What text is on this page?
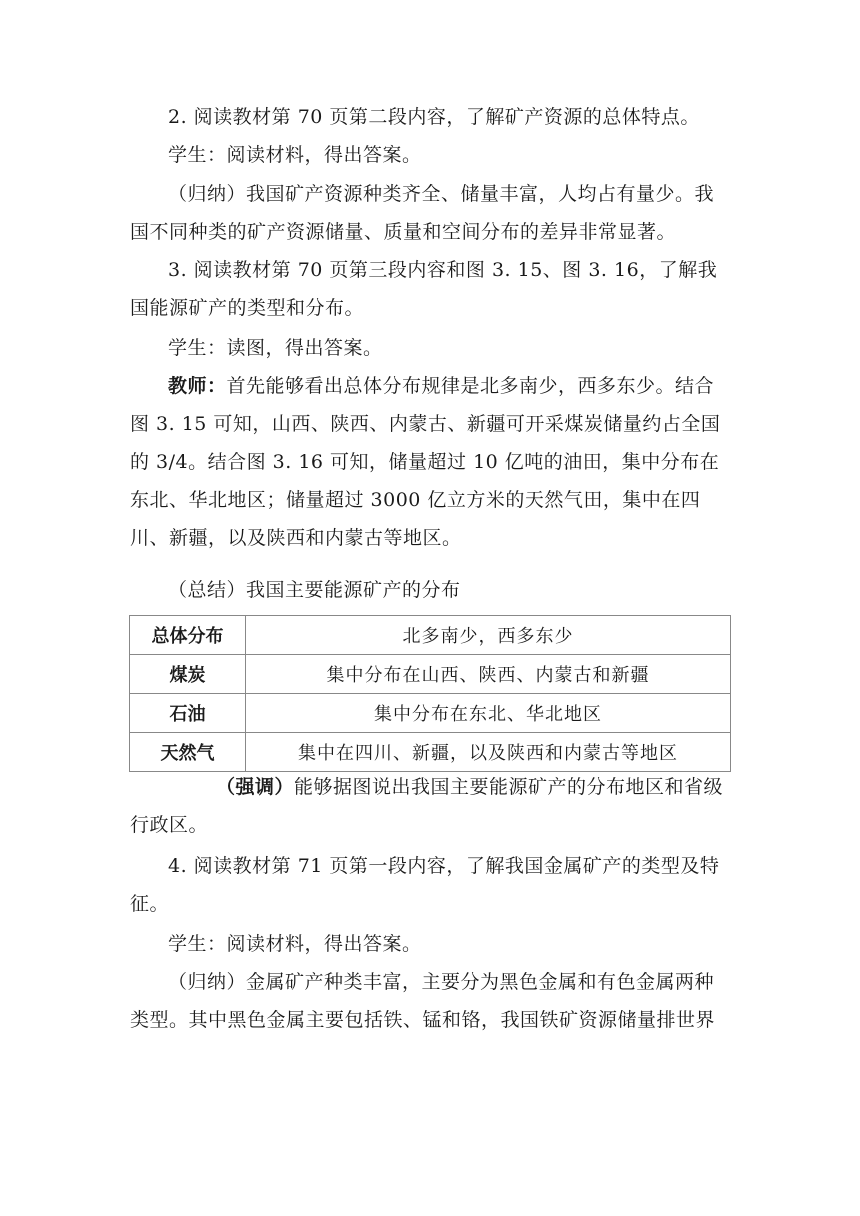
2. 阅读教材第 70 页第二段内容，了解矿产资源的总体特点。

学生：阅读材料，得出答案。

（归纳）我国矿产资源种类齐全、储量丰富，人均占有量少。我国不同种类的矿产资源储量、质量和空间分布的差异非常显著。

3. 阅读教材第 70 页第三段内容和图 3. 15、图 3. 16，了解我国能源矿产的类型和分布。

学生：读图，得出答案。

教师：首先能够看出总体分布规律是北多南少，西多东少。结合图 3. 15 可知，山西、陕西、内蒙古、新疆可开采煤炭储量约占全国的 3/4。结合图 3. 16 可知，储量超过 10 亿吨的油田，集中分布在东北、华北地区；储量超过 3000 亿立方米的天然气田，集中在四川、新疆，以及陕西和内蒙古等地区。

（总结）我国主要能源矿产的分布

总体分布	北多南少，西多东少
煤炭	集中分布在山西、陕西、内蒙古和新疆
石油	集中分布在东北、华北地区
天然气	集中在四川、新疆，以及陕西和内蒙古等地区

（强调）能够据图说出我国主要能源矿产的分布地区和省级行政区。

4. 阅读教材第 71 页第一段内容，了解我国金属矿产的类型及特征。

学生：阅读材料，得出答案。

（归纳）金属矿产种类丰富，主要分为黑色金属和有色金属两种类型。其中黑色金属主要包括铁、锰和铬，我国铁矿资源储量排世界
